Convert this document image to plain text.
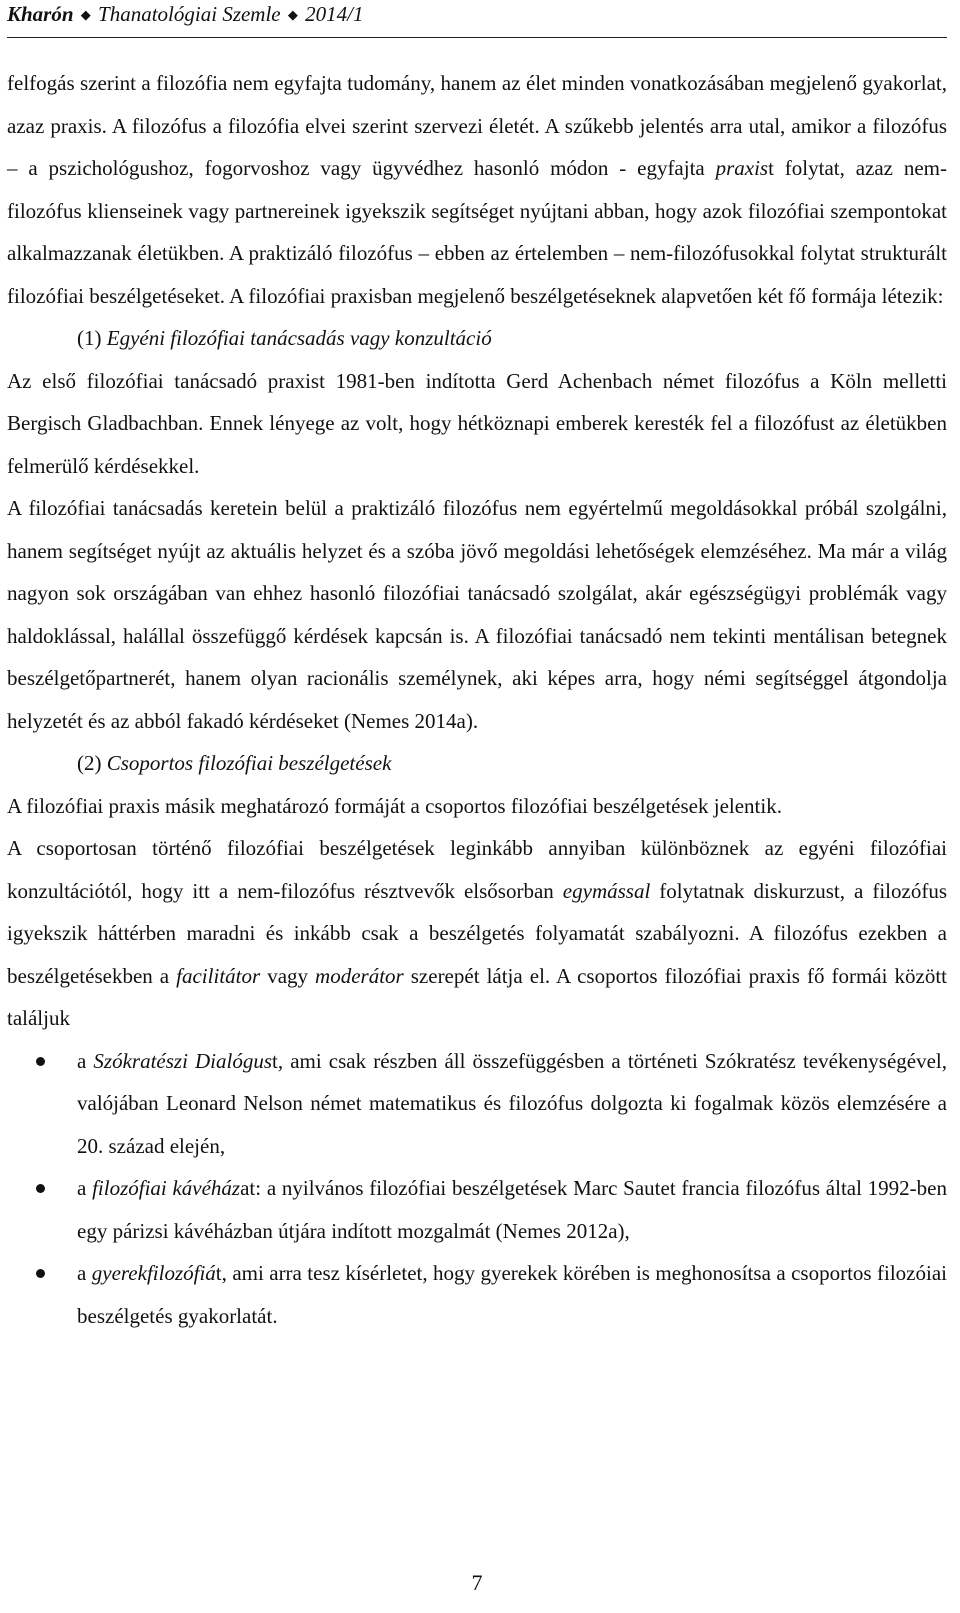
Kharón ◆ Thanatológiai Szemle ◆ 2014/1

felfogás szerint a filozófia nem egyfajta tudomány, hanem az élet minden vonatkozásában megjelenő gyakorlat, azaz praxis. A filozófus a filozófia elvei szerint szervezi életét. A szűkebb jelentés arra utal, amikor a filozófus – a pszichológushoz, fogorvoshoz vagy ügyvédhez hasonló módon - egyfajta praxist folytat, azaz nem-filozófus klienseinek vagy partnereinek igyekszik segítséget nyújtani abban, hogy azok filozófiai szempontokat alkalmazzanak életükben. A praktizáló filozófus – ebben az értelemben – nem-filozófusokkal folytat strukturált filozófiai beszélgetéseket. A filozófiai praxisban megjelenő beszélgetéseknek alapvetően két fő formája létezik:

(1) Egyéni filozófiai tanácsadás vagy konzultáció

Az első filozófiai tanácsadó praxist 1981-ben indította Gerd Achenbach német filozófus a Köln melletti Bergisch Gladbachban. Ennek lényege az volt, hogy hétköznapi emberek keresték fel a filozófust az életükben felmerülő kérdésekkel.

A filozófiai tanácsadás keretein belül a praktizáló filozófus nem egyértelmű megoldásokkal próbál szolgálni, hanem segítséget nyújt az aktuális helyzet és a szóba jövő megoldási lehetőségek elemzéséhez. Ma már a világ nagyon sok országában van ehhez hasonló filozófiai tanácsadó szolgálat, akár egészségügyi problémák vagy haldoklással, halállal összefüggő kérdések kapcsán is. A filozófiai tanácsadó nem tekinti mentálisan betegnek beszélgetőpartnerét, hanem olyan racionális személynek, aki képes arra, hogy némi segítséggel átgondolja helyzetét és az abból fakadó kérdéseket (Nemes 2014a).

(2) Csoportos filozófiai beszélgetések

A filozófiai praxis másik meghatározó formáját a csoportos filozófiai beszélgetések jelentik.

A csoportosan történő filozófiai beszélgetések leginkább annyiban különböznek az egyéni filozófiai konzultációtól, hogy itt a nem-filozófus résztvevők elsősorban egymással folytatnak diskurzust, a filozófus igyekszik háttérben maradni és inkább csak a beszélgetés folyamatát szabályozni. A filozófus ezekben a beszélgetésekben a facilitátor vagy moderátor szerepét látja el. A csoportos filozófiai praxis fő formái között találjuk

a Szókratészi Dialógust, ami csak részben áll összefüggésben a történeti Szókratész tevékenységével, valójában Leonard Nelson német matematikus és filozófus dolgozta ki fogalmak közös elemzésére a 20. század elején,
a filozófiai kávéházat: a nyilvános filozófiai beszélgetések Marc Sautet francia filozófus által 1992-ben egy párizsi kávéházban útjára indított mozgalmát (Nemes 2012a),
a gyerekfilozófiát, ami arra tesz kísérletet, hogy gyerekek körében is meghonosítsa a csoportos filozóiai beszélgetés gyakorlatát.
7
